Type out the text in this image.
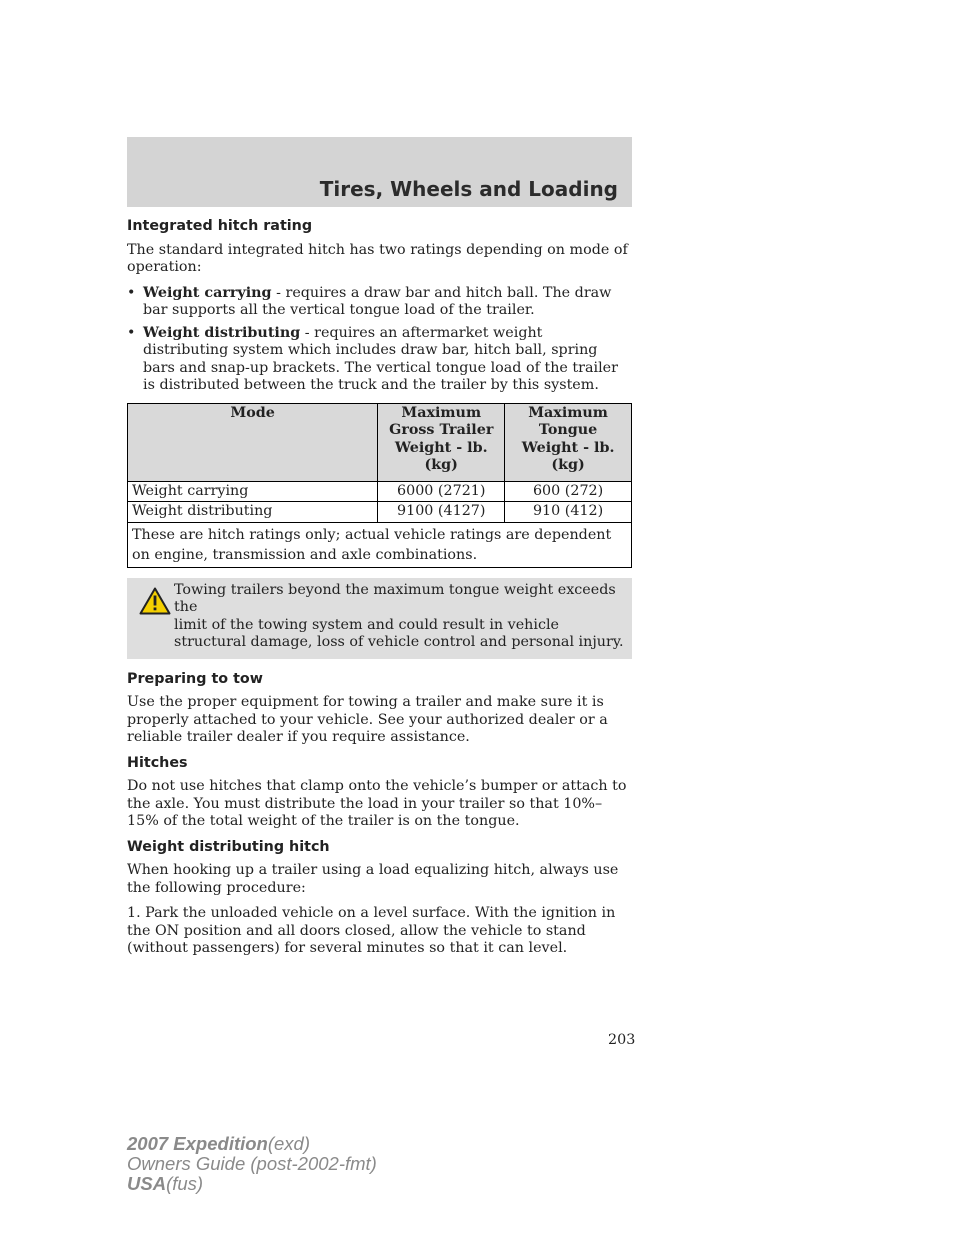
Tires, Wheels and Loading
Integrated hitch rating

The standard integrated hitch has two ratings depending on mode of operation:

• Weight carrying - requires a draw bar and hitch ball. The draw bar supports all the vertical tongue load of the trailer.
• Weight distributing - requires an aftermarket weight distributing system which includes draw bar, hitch ball, spring bars and snap-up brackets. The vertical tongue load of the trailer is distributed between the truck and the trailer by this system.
Mode	Maximum Gross Trailer Weight - lb. (kg)	Maximum Tongue Weight - lb. (kg)
Weight carrying	6000 (2721)	600 (272)
Weight distributing	9100 (4127)	910 (412)
These are hitch ratings only; actual vehicle ratings are dependent on engine, transmission and axle combinations.		
Towing trailers beyond the maximum tongue weight exceeds the
limit of the towing system and could result in vehicle structural damage, loss of vehicle control and personal injury.
Preparing to tow

Use the proper equipment for towing a trailer and make sure it is properly attached to your vehicle. See your authorized dealer or a reliable trailer dealer if you require assistance.

Hitches

Do not use hitches that clamp onto the vehicle’s bumper or attach to the axle. You must distribute the load in your trailer so that 10%–15% of the total weight of the trailer is on the tongue.

Weight distributing hitch

When hooking up a trailer using a load equalizing hitch, always use the following procedure:

1. Park the unloaded vehicle on a level surface. With the ignition in the ON position and all doors closed, allow the vehicle to stand (without passengers) for several minutes so that it can level.

203
2007 Expedition(exd)
Owners Guide (post-2002-fmt)
USA(fus)
